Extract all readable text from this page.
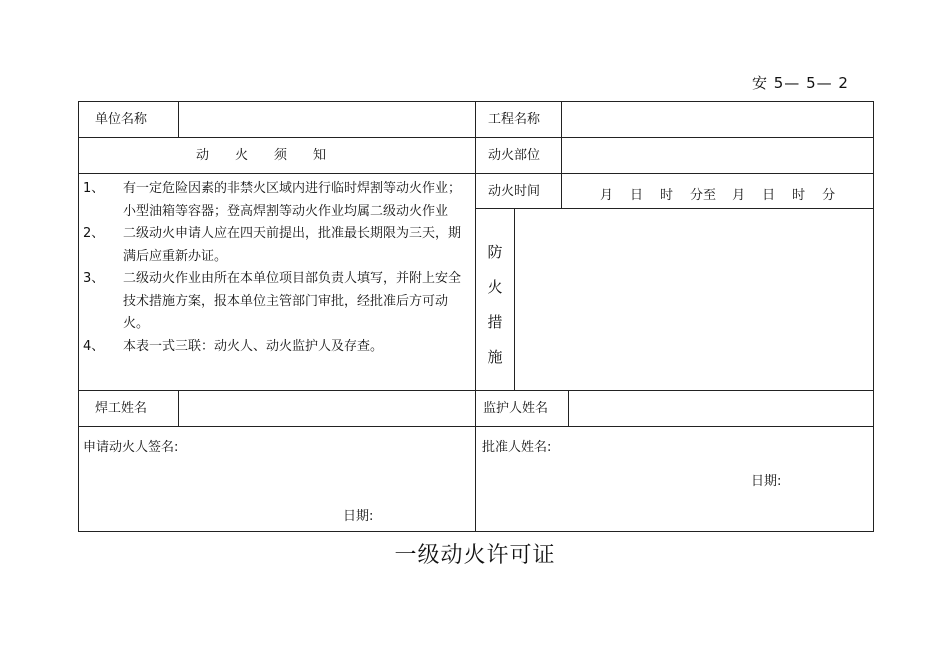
安 5— 5— 2
单位名称	工程名称
动 火 须 知	动火部位
1、	有一定危险因素的非禁火区域内进行临时焊割等动火作业；小型油箱等容器；登高焊割等动火作业均属二级动火作业
2、	二级动火申请人应在四天前提出，批准最长期限为三天，期满后应重新办证。
3、	二级动火作业由所在本单位项目部负责人填写，并附上安全技术措施方案，报本单位主管部门审批，经批准后方可动火。
4、	本表一式三联：动火人、动火监护人及存查。
动火时间	月 日 时 分至 月 日 时 分
防
火
措
施
焊工姓名	监护人姓名
申请动火人签名:
日期:
批准人姓名:
日期:
一级动火许可证
